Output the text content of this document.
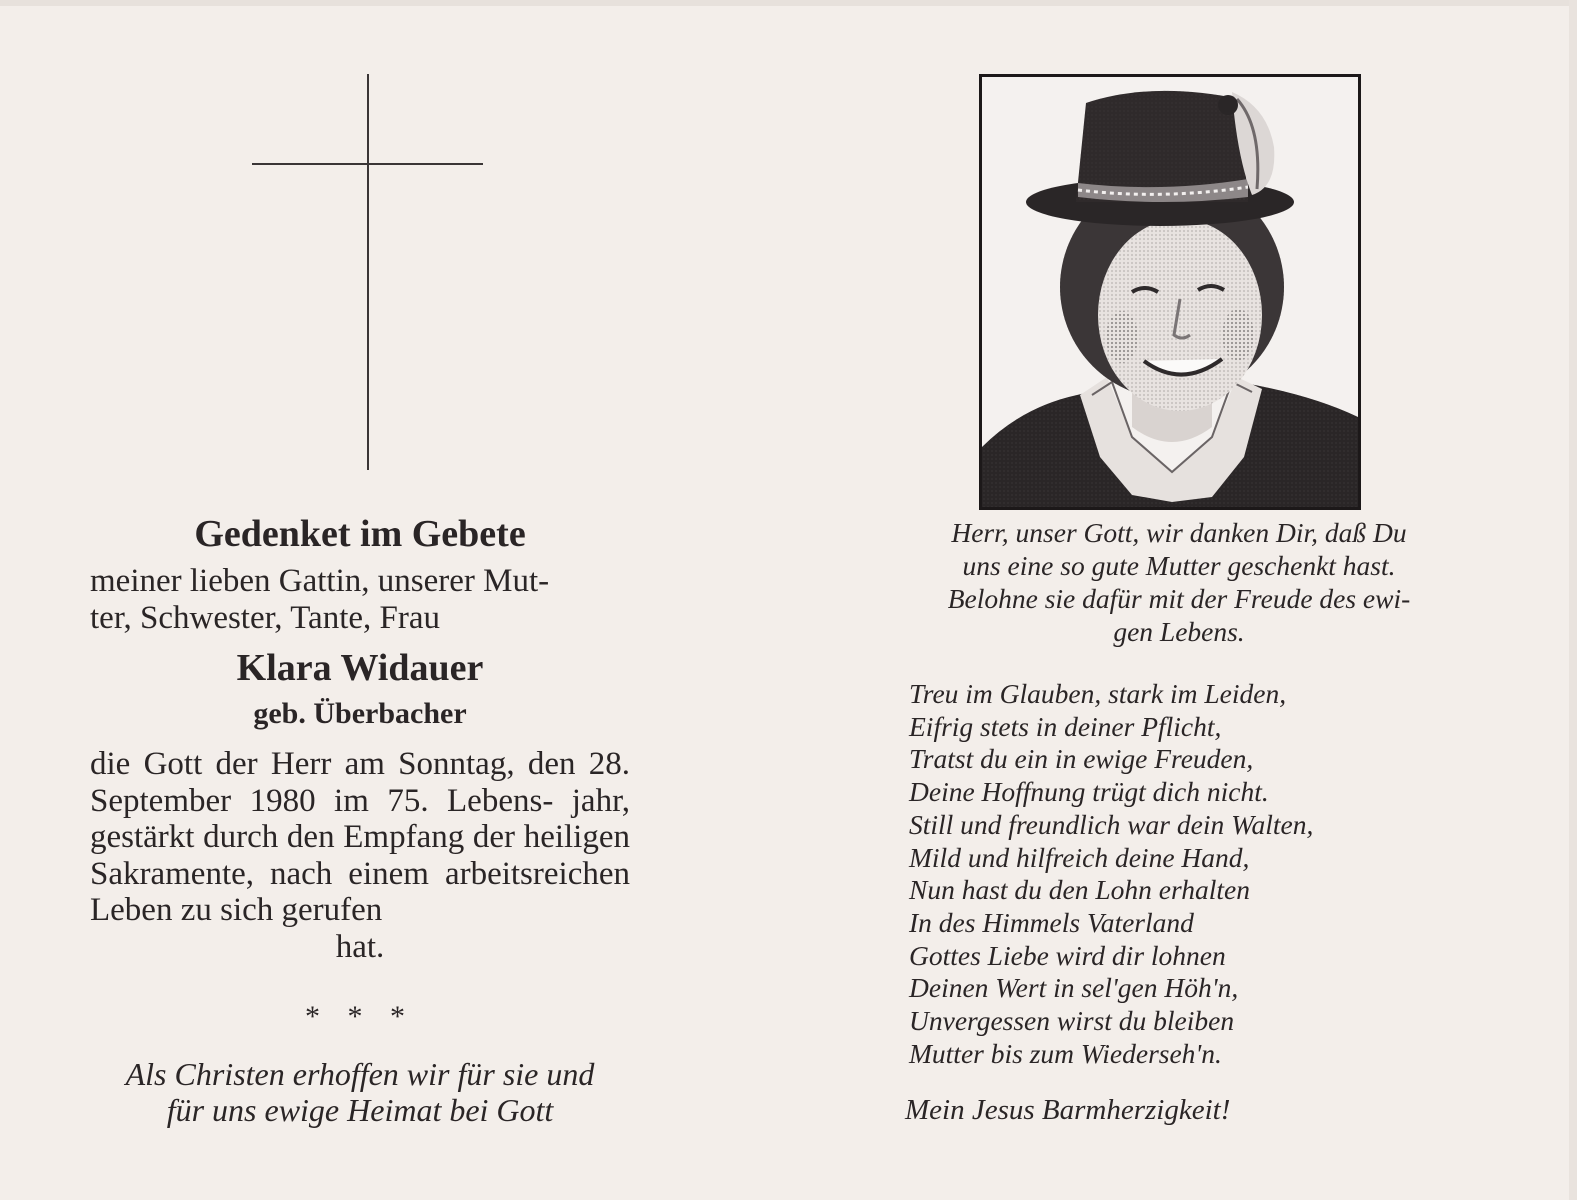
Gedenket im Gebete
meiner lieben Gattin, unserer Mut-
ter, Schwester, Tante, Frau
Klara Widauer
geb. Überbacher
die Gott der Herr am Sonntag, den 28. September 1980 im 75. Lebens- jahr, gestärkt durch den Empfang der heiligen Sakramente, nach einem arbeitsreichen Leben zu sich gerufen
hat.
* * *
Als Christen erhoffen wir für sie und
für uns ewige Heimat bei Gott
Herr, unser Gott, wir danken Dir, daß Du
uns eine so gute Mutter geschenkt hast.
Belohne sie dafür mit der Freude des ewi-
gen Lebens.
Treu im Glauben, stark im Leiden,
Eifrig stets in deiner Pflicht,
Tratst du ein in ewige Freuden,
Deine Hoffnung trügt dich nicht.
Still und freundlich war dein Walten,
Mild und hilfreich deine Hand,
Nun hast du den Lohn erhalten
In des Himmels Vaterland
Gottes Liebe wird dir lohnen
Deinen Wert in sel'gen Höh'n,
Unvergessen wirst du bleiben
Mutter bis zum Wiederseh'n.
Mein Jesus Barmherzigkeit!
